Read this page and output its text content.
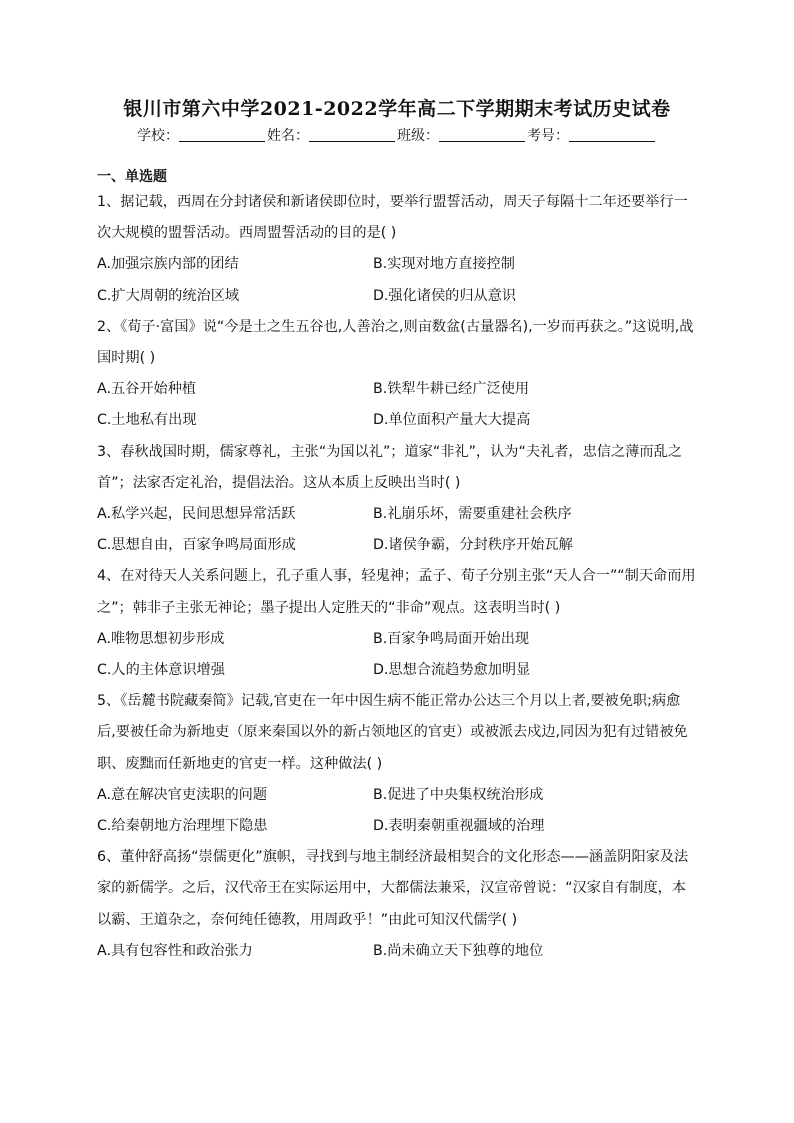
银川市第六中学2021-2022学年高二下学期期末考试历史试卷
学校：	姓名：	班级：	考号：
一、单选题

1、据记载，西周在分封诸侯和新诸侯即位时，要举行盟誓活动，周天子每隔十二年还要举行一次大规模的盟誓活动。西周盟誓活动的目的是( )

A.加强宗族内部的团结	B.实现对地方直接控制
C.扩大周朝的统治区域	D.强化诸侯的归从意识

2、《荀子·富国》说“今是土之生五谷也,人善治之,则亩数盆(古量器名),一岁而再获之。”这说明,战国时期( )

A.五谷开始种植	B.铁犁牛耕已经广泛使用
C.土地私有出现	D.单位面积产量大大提高

3、春秋战国时期，儒家尊礼，主张“为国以礼”；道家“非礼”，认为“夫礼者，忠信之薄而乱之首”；法家否定礼治，提倡法治。这从本质上反映出当时( )

A.私学兴起，民间思想异常活跃	B.礼崩乐坏，需要重建社会秩序
C.思想自由，百家争鸣局面形成	D.诸侯争霸，分封秩序开始瓦解

4、在对待天人关系问题上，孔子重人事，轻鬼神；孟子、荀子分别主张“天人合一”“制天命而用之”；韩非子主张无神论；墨子提出人定胜天的“非命”观点。这表明当时( )

A.唯物思想初步形成	B.百家争鸣局面开始出现
C.人的主体意识增强	D.思想合流趋势愈加明显

5、《岳麓书院藏秦简》记载,官吏在一年中因生病不能正常办公达三个月以上者,要被免职;病愈后,要被任命为新地吏（原来秦国以外的新占领地区的官吏）或被派去戍边,同因为犯有过错被免职、废黜而任新地吏的官吏一样。这种做法( )

A.意在解决官吏渎职的问题	B.促进了中央集权统治形成
C.给秦朝地方治理埋下隐患	D.表明秦朝重视疆域的治理

6、董仲舒高扬“崇儒更化”旗帜，寻找到与地主制经济最相契合的文化形态——涵盖阴阳家及法家的新儒学。之后，汉代帝王在实际运用中，大都儒法兼采，汉宣帝曾说：“汉家自有制度，本以霸、王道杂之，奈何纯任德教，用周政乎！”由此可知汉代儒学( )

A.具有包容性和政治张力	B.尚未确立天下独尊的地位
